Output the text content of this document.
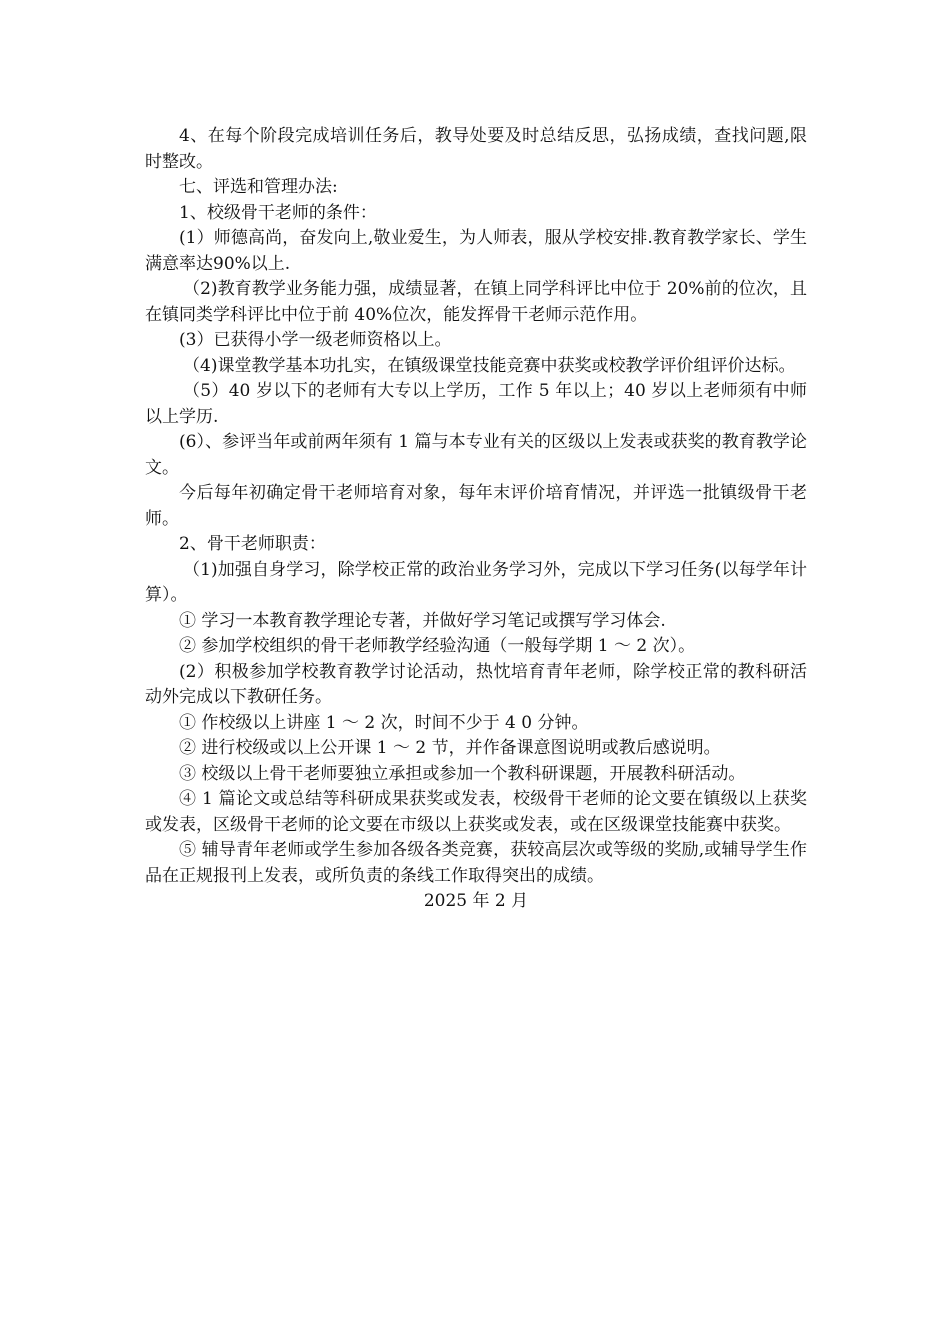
4、在每个阶段完成培训任务后，教导处要及时总结反思，弘扬成绩，查找问题,限时整改。

七、评选和管理办法:

1、校级骨干老师的条件：

(1）师德高尚，奋发向上,敬业爱生，为人师表，服从学校安排.教育教学家长、学生满意率达90%以上.

（2)教育教学业务能力强，成绩显著，在镇上同学科评比中位于 20%前的位次，且在镇同类学科评比中位于前 40%位次，能发挥骨干老师示范作用。

(3）已获得小学一级老师资格以上。

（4)课堂教学基本功扎实，在镇级课堂技能竞赛中获奖或校教学评价组评价达标。

（5）40 岁以下的老师有大专以上学历，工作 5 年以上；40 岁以上老师须有中师以上学历.

(6）、参评当年或前两年须有 1 篇与本专业有关的区级以上发表或获奖的教育教学论文。

今后每年初确定骨干老师培育对象，每年末评价培育情况，并评选一批镇级骨干老师。

2、骨干老师职责：

（1)加强自身学习，除学校正常的政治业务学习外，完成以下学习任务(以每学年计算）。

① 学习一本教育教学理论专著，并做好学习笔记或撰写学习体会.

② 参加学校组织的骨干老师教学经验沟通（一般每学期 1 ～ 2 次）。

(2）积极参加学校教育教学讨论活动，热忱培育青年老师，除学校正常的教科研活动外完成以下教研任务。

① 作校级以上讲座 1 ～ 2 次，时间不少于 4 0 分钟。

② 进行校级或以上公开课 1 ～ 2 节，并作备课意图说明或教后感说明。

③ 校级以上骨干老师要独立承担或参加一个教科研课题，开展教科研活动。

④ 1 篇论文或总结等科研成果获奖或发表，校级骨干老师的论文要在镇级以上获奖或发表，区级骨干老师的论文要在市级以上获奖或发表，或在区级课堂技能赛中获奖。

⑤ 辅导青年老师或学生参加各级各类竞赛，获较高层次或等级的奖励,或辅导学生作品在正规报刊上发表，或所负责的条线工作取得突出的成绩。

2025 年 2 月
